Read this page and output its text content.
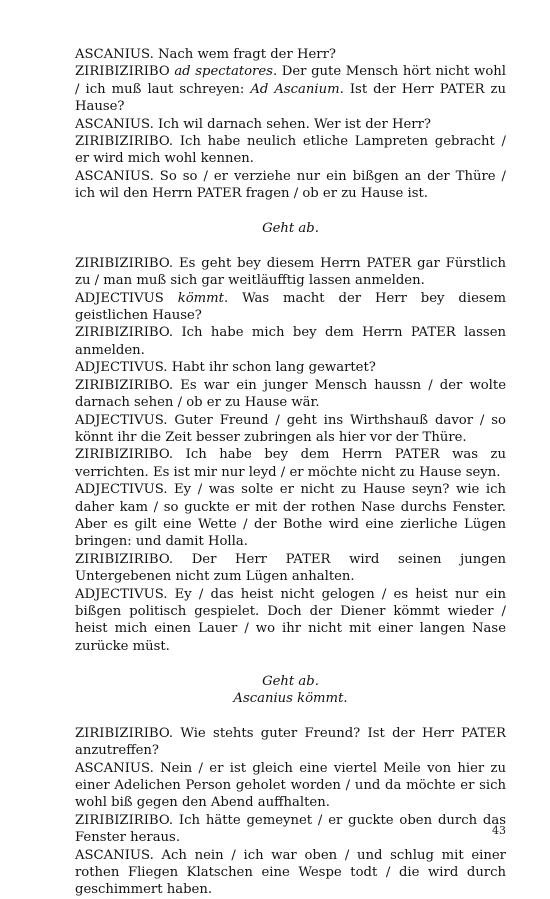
ASCANIUS. Nach wem fragt der Herr?

ZIRIBIZIRIBO ad spectatores. Der gute Mensch hört nicht wohl / ich muß laut schreyen: Ad Ascanium. Ist der Herr PATER zu Hause?

ASCANIUS. Ich wil darnach sehen. Wer ist der Herr?

ZIRIBIZIRIBO. Ich habe neulich etliche Lampreten gebracht / er wird mich wohl kennen.

ASCANIUS. So so / er verziehe nur ein bißgen an der Thüre / ich wil den Herrn PATER fragen / ob er zu Hause ist.

Geht ab.

ZIRIBIZIRIBO. Es geht bey diesem Herrn PATER gar Fürstlich zu / man muß sich gar weitläufftig lassen anmelden.

ADJECTIVUS kömmt. Was macht der Herr bey diesem geistlichen Hause?

ZIRIBIZIRIBO. Ich habe mich bey dem Herrn PATER lassen anmelden.

ADJECTIVUS. Habt ihr schon lang gewartet?

ZIRIBIZIRIBO. Es war ein junger Mensch haussn / der wolte darnach sehen / ob er zu Hause wär.

ADJECTIVUS. Guter Freund / geht ins Wirthshauß davor / so könnt ihr die Zeit besser zubringen als hier vor der Thüre.

ZIRIBIZIRIBO. Ich habe bey dem Herrn PATER was zu verrichten. Es ist mir nur leyd / er möchte nicht zu Hause seyn.

ADJECTIVUS. Ey / was solte er nicht zu Hause seyn? wie ich daher kam / so guckte er mit der rothen Nase durchs Fenster. Aber es gilt eine Wette / der Bothe wird eine zierliche Lügen bringen: und damit Holla.

ZIRIBIZIRIBO. Der Herr PATER wird seinen jungen Untergebenen nicht zum Lügen anhalten.

ADJECTIVUS. Ey / das heist nicht gelogen / es heist nur ein bißgen politisch gespielet. Doch der Diener kömmt wieder / heist mich einen Lauer / wo ihr nicht mit einer langen Nase zurücke müst.

Geht ab.

Ascanius kömmt.

ZIRIBIZIRIBO. Wie stehts guter Freund? Ist der Herr PATER anzutreffen?

ASCANIUS. Nein / er ist gleich eine viertel Meile von hier zu einer Adelichen Person geholet worden / und da möchte er sich wohl biß gegen den Abend auffhalten.

ZIRIBIZIRIBO. Ich hätte gemeynet / er guckte oben durch das Fenster heraus.

ASCANIUS. Ach nein / ich war oben / und schlug mit einer rothen Fliegen Klatschen eine Wespe todt / die wird durch geschimmert haben.

43
